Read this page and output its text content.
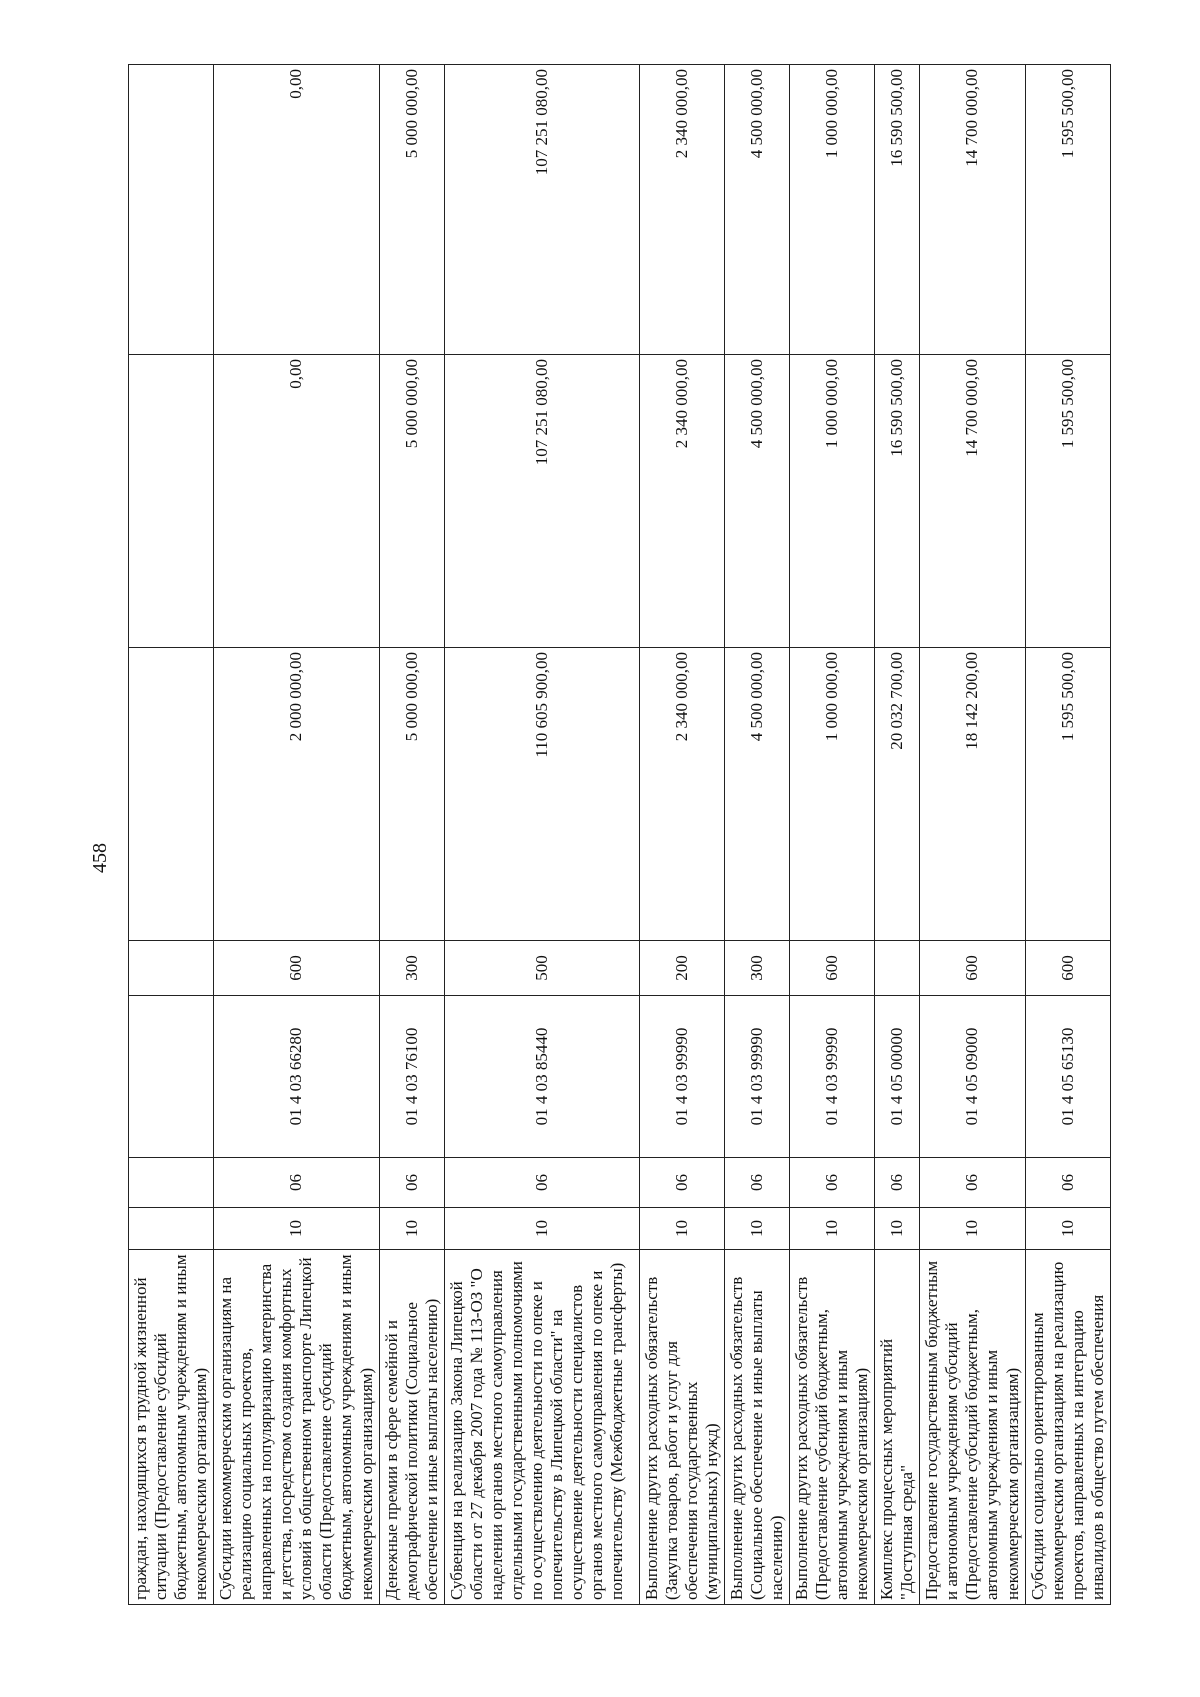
458
граждан, находящихся в трудной жизненной ситуации (Предоставление субсидий бюджетным, автономным учреждениям и иным некоммерческим организациям)							
Субсидии некоммерческим организациям на реализацию социальных проектов, направленных на популяризацию материнства и детства, посредством создания комфортных условий в общественном транспорте Липецкой области (Предоставление субсидий бюджетным, автономным учреждениям и иным некоммерческим организациям)	10	06	01 4 03 66280	600	2 000 000,00	0,00	0,00
Денежные премии в сфере семейной и демографической политики (Социальное обеспечение и иные выплаты населению)	10	06	01 4 03 76100	300	5 000 000,00	5 000 000,00	5 000 000,00
Субвенция на реализацию Закона Липецкой области от 27 декабря 2007 года № 113-ОЗ "О наделении органов местного самоуправления отдельными государственными полномочиями по осуществлению деятельности по опеке и попечительству в Липецкой области" на осуществление деятельности специалистов органов местного самоуправления по опеке и попечительству (Межбюджетные трансферты)	10	06	01 4 03 85440	500	110 605 900,00	107 251 080,00	107 251 080,00
Выполнение других расходных обязательств (Закупка товаров, работ и услуг для обеспечения государственных (муниципальных) нужд)	10	06	01 4 03 99990	200	2 340 000,00	2 340 000,00	2 340 000,00
Выполнение других расходных обязательств (Социальное обеспечение и иные выплаты населению)	10	06	01 4 03 99990	300	4 500 000,00	4 500 000,00	4 500 000,00
Выполнение других расходных обязательств (Предоставление субсидий бюджетным, автономным учреждениям и иным некоммерческим организациям)	10	06	01 4 03 99990	600	1 000 000,00	1 000 000,00	1 000 000,00
Комплекс процессных мероприятий "Доступная среда"	10	06	01 4 05 00000		20 032 700,00	16 590 500,00	16 590 500,00
Предоставление государственным бюджетным и автономным учреждениям субсидий (Предоставление субсидий бюджетным, автономным учреждениям и иным некоммерческим организациям)	10	06	01 4 05 09000	600	18 142 200,00	14 700 000,00	14 700 000,00
Субсидии социально ориентированным некоммерческим организациям на реализацию проектов, направленных на интеграцию инвалидов в общество путем обеспечения	10	06	01 4 05 65130	600	1 595 500,00	1 595 500,00	1 595 500,00
